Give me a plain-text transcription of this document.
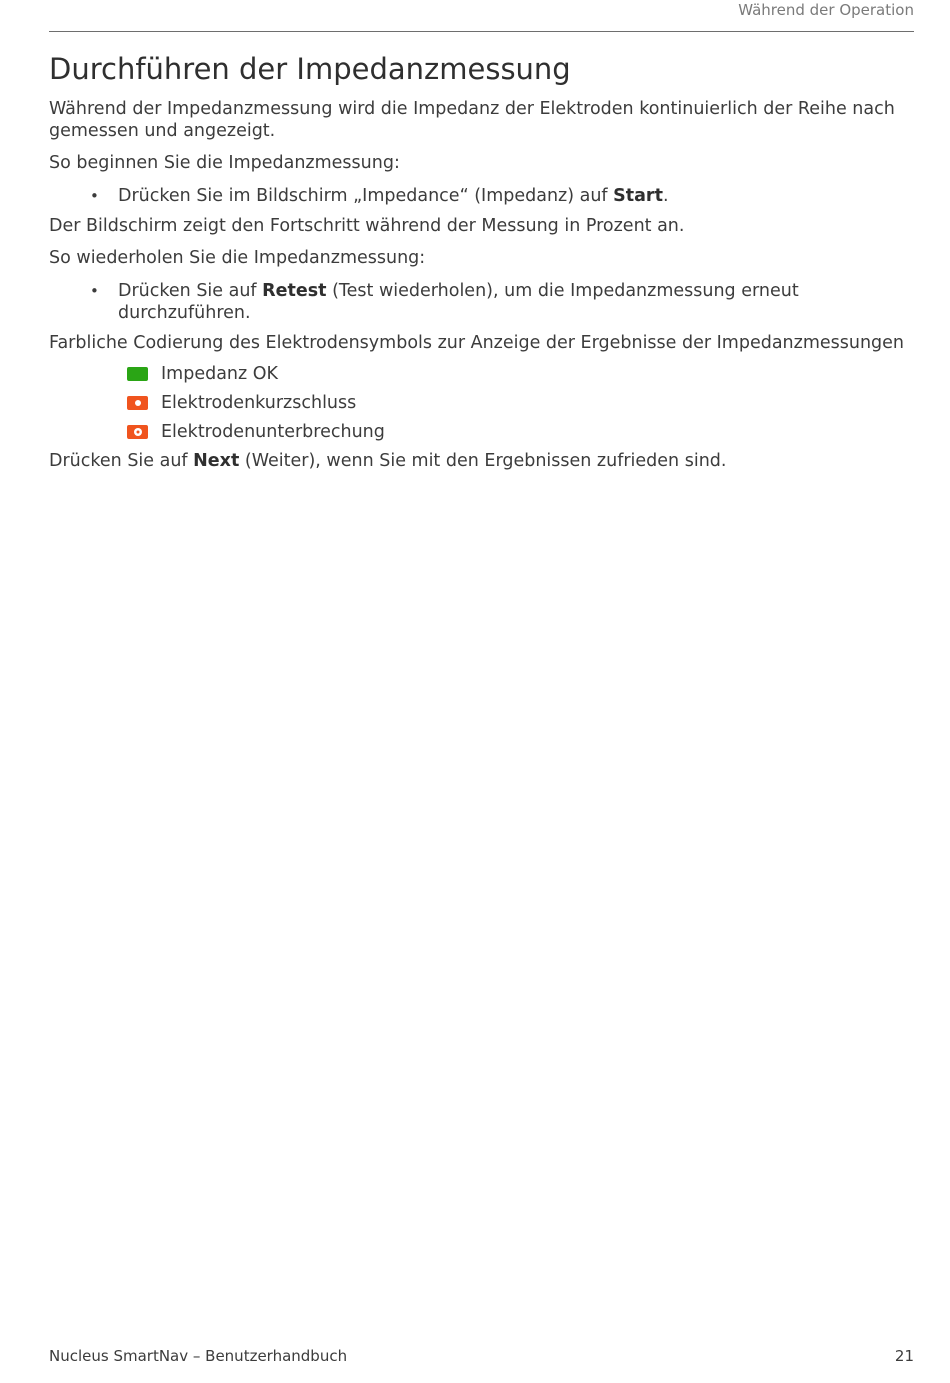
Während der Operation
Durchführen der Impedanzmessung

Während der Impedanzmessung wird die Impedanz der Elektroden kontinuierlich der Reihe nach gemessen und angezeigt.

So beginnen Sie die Impedanzmessung:

• Drücken Sie im Bildschirm „Impedance“ (Impedanz) auf Start.

Der Bildschirm zeigt den Fortschritt während der Messung in Prozent an.

So wiederholen Sie die Impedanzmessung:

• Drücken Sie auf Retest (Test wiederholen), um die Impedanzmessung erneut durchzuführen.

Farbliche Codierung des Elektrodensymbols zur Anzeige der Ergebnisse der Impedanzmessungen

Impedanz OK
Elektrodenkurzschluss
Elektrodenunterbrechung

Drücken Sie auf Next (Weiter), wenn Sie mit den Ergebnissen zufrieden sind.

Nucleus SmartNav – Benutzerhandbuch	21
